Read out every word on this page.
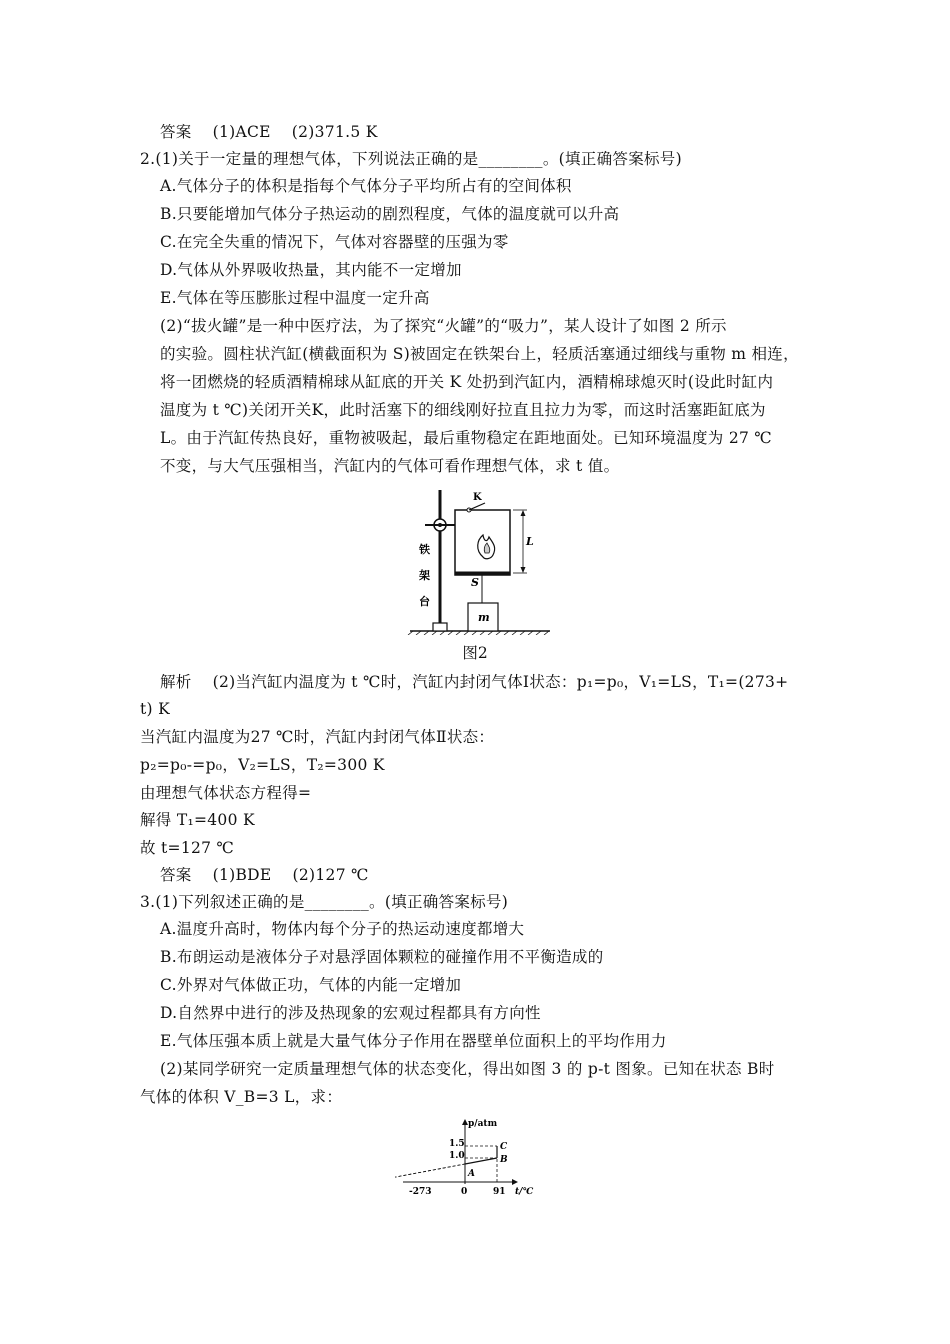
答案　 (1)ACE　 (2)371.5 K
2.(1)关于一定量的理想气体，下列说法正确的是________。(填正确答案标号)
A.气体分子的体积是指每个气体分子平均所占有的空间体积
B.只要能增加气体分子热运动的剧烈程度，气体的温度就可以升高
C.在完全失重的情况下，气体对容器壁的压强为零
D.气体从外界吸收热量，其内能不一定增加
E.气体在等压膨胀过程中温度一定升高
(2)“拔火罐”是一种中医疗法，为了探究“火罐”的“吸力”，某人设计了如图 2 所示
的实验。圆柱状汽缸(横截面积为 S)被固定在铁架台上，轻质活塞通过细线与重物 m 相连，
将一团燃烧的轻质酒精棉球从缸底的开关 K 处扔到汽缸内，酒精棉球熄灭时(设此时缸内
温度为 t ℃)关闭开关K，此时活塞下的细线刚好拉直且拉力为零，而这时活塞距缸底为
L。由于汽缸传热良好，重物被吸起，最后重物稳定在距地面处。已知环境温度为 27 ℃
不变，与大气压强相当，汽缸内的气体可看作理想气体，求 t 值。
铁
架
台
K
L
S
m
图2
解析　 (2)当汽缸内温度为 t ℃时，汽缸内封闭气体Ⅰ状态：p₁=p₀，V₁=LS，T₁=(273+
t) K
当汽缸内温度为27 ℃时，汽缸内封闭气体Ⅱ状态：
p₂=p₀-=p₀，V₂=LS，T₂=300 K
由理想气体状态方程得=
解得 T₁=400 K
故 t=127 ℃
答案　 (1)BDE　 (2)127 ℃
3.(1)下列叙述正确的是________。(填正确答案标号)
A.温度升高时，物体内每个分子的热运动速度都增大
B.布朗运动是液体分子对悬浮固体颗粒的碰撞作用不平衡造成的
C.外界对气体做正功，气体的内能一定增加
D.自然界中进行的涉及热现象的宏观过程都具有方向性
E.气体压强本质上就是大量气体分子作用在器壁单位面积上的平均作用力
(2)某同学研究一定质量理想气体的状态变化，得出如图 3 的 p-t 图象。已知在状态 B时
气体的体积 V_B=3 L，求：
p/atm
t/℃
-273	0	91
1.5
1.0
A
B
C
